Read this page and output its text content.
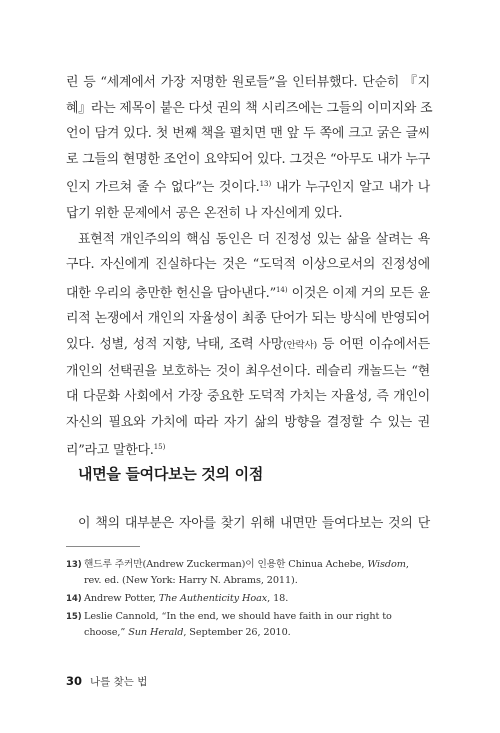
린 등 “세계에서 가장 저명한 원로들”을 인터뷰했다. 단순히 『지
혜』라는 제목이 붙은 다섯 권의 책 시리즈에는 그들의 이미지와 조
언이 담겨 있다. 첫 번째 책을 펼치면 맨 앞 두 쪽에 크고 굵은 글씨
로 그들의 현명한 조언이 요약되어 있다. 그것은 “아무도 내가 누구
인지 가르쳐 줄 수 없다”는 것이다.$^{13)}$ 내가 누구인지 알고 내가 나
답기 위한 문제에서 공은 온전히 나 자신에게 있다.
표현적 개인주의의 핵심 동인은 더 진정성 있는 삶을 살려는 욕
구다. 자신에게 진실하다는 것은 “도덕적 이상으로서의 진정성에
대한 우리의 충만한 헌신을 담아낸다.”$^{14)}$ 이것은 이제 거의 모든 윤
리적 논쟁에서 개인의 자율성이 최종 단어가 되는 방식에 반영되어
있다. 성별, 성적 지향, 낙태, 조력 사망(안락사) 등 어떤 이슈에서든
개인의 선택권을 보호하는 것이 최우선이다. 레슬리 캐놀드는 “현
대 다문화 사회에서 가장 중요한 도덕적 가치는 자율성, 즉 개인이
자신의 필요와 가치에 따라 자기 삶의 방향을 결정할 수 있는 권
리”라고 말한다.$^{15)}$
내면을 들여다보는 것의 이점
이 책의 대부분은 자아를 찾기 위해 내면만 들여다보는 것의 단
13) 핸드루 주커만(Andrew Zuckerman)이 인용한 Chinua Achebe, Wisdom,
rev. ed. (New York: Harry N. Abrams, 2011).
14) Andrew Potter, The Authenticity Hoax, 18.
15) Leslie Cannold, “In the end, we should have faith in our right to
choose,” Sun Herald, September 26, 2010.
30 나를 찾는 법
